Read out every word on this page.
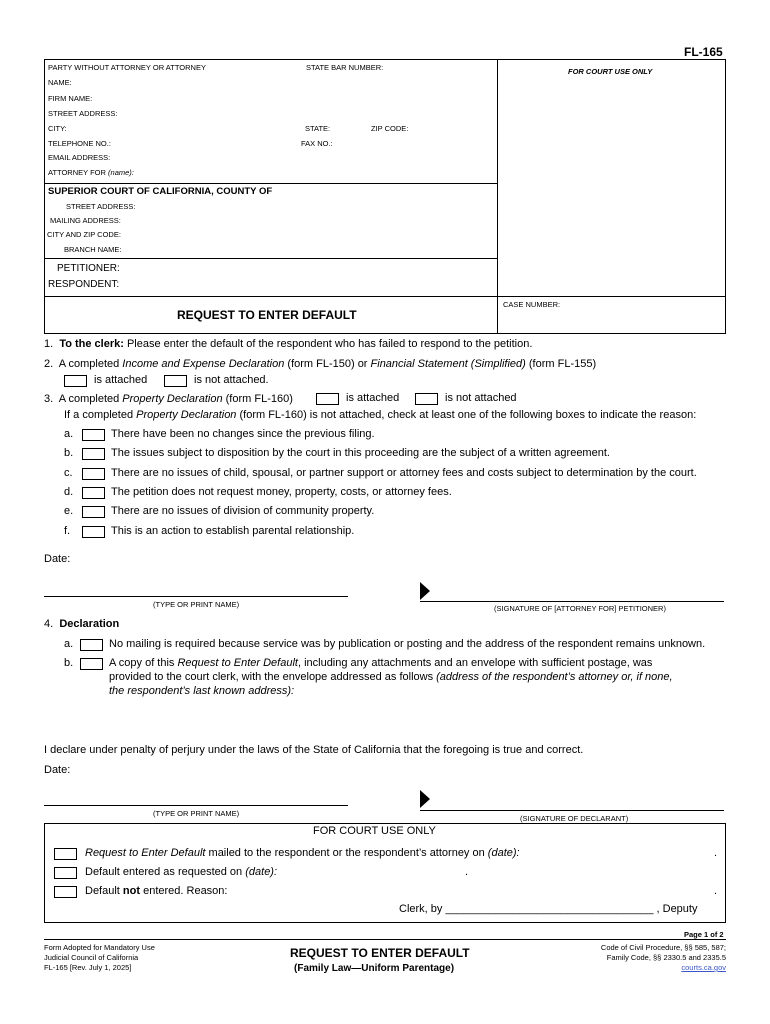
FL-165
PARTY WITHOUT ATTORNEY OR ATTORNEY	STATE BAR NUMBER:	FOR COURT USE ONLY
NAME:
FIRM NAME:
STREET ADDRESS:
CITY:	STATE:	ZIP CODE:
TELEPHONE NO.:	FAX NO.:
EMAIL ADDRESS:
ATTORNEY FOR (name):
SUPERIOR COURT OF CALIFORNIA, COUNTY OF
STREET ADDRESS:
MAILING ADDRESS:
CITY AND ZIP CODE:
BRANCH NAME:
PETITIONER:
RESPONDENT:
REQUEST TO ENTER DEFAULT
CASE NUMBER:
1. To the clerk: Please enter the default of the respondent who has failed to respond to the petition.
2. A completed Income and Expense Declaration (form FL-150) or Financial Statement (Simplified) (form FL-155)
is attached	is not attached.
3. A completed Property Declaration (form FL-160)	is attached	is not attached
If a completed Property Declaration (form FL-160) is not attached, check at least one of the following boxes to indicate the reason:
a.	There have been no changes since the previous filing.
b.	The issues subject to disposition by the court in this proceeding are the subject of a written agreement.
c.	There are no issues of child, spousal, or partner support or attorney fees and costs subject to determination by the court.
d.	The petition does not request money, property, costs, or attorney fees.
e.	There are no issues of division of community property.
f.	This is an action to establish parental relationship.
Date:
(TYPE OR PRINT NAME)	(SIGNATURE OF [ATTORNEY FOR] PETITIONER)
4. Declaration
a.	No mailing is required because service was by publication or posting and the address of the respondent remains unknown.
b.	A copy of this Request to Enter Default, including any attachments and an envelope with sufficient postage, was
provided to the court clerk, with the envelope addressed as follows (address of the respondent’s attorney or, if none,
the respondent’s last known address):
I declare under penalty of perjury under the laws of the State of California that the foregoing is true and correct.
Date:
(TYPE OR PRINT NAME)
(SIGNATURE OF DECLARANT)
FOR COURT USE ONLY
Request to Enter Default mailed to the respondent or the respondent’s attorney on (date):	.
Default entered as requested on (date):	.
Default not entered. Reason:	.
Clerk, by __________________________________ , Deputy
Page 1 of 2
Form Adopted for Mandatory Use
Judicial Council of California
FL-165 [Rev. July 1, 2025]
REQUEST TO ENTER DEFAULT
(Family Law—Uniform Parentage)
Code of Civil Procedure, §§ 585, 587;
Family Code, §§ 2330.5 and 2335.5
courts.ca.gov
